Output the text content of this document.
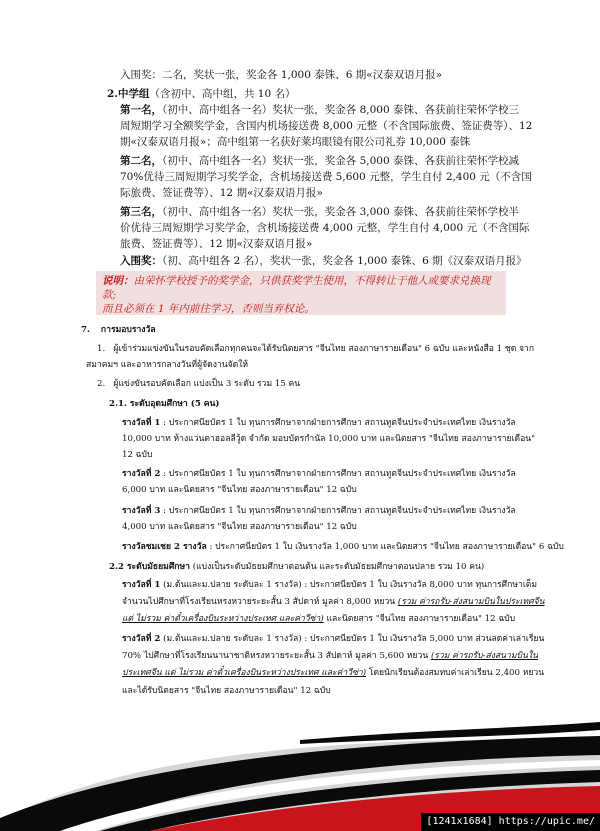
入围奖：二名，奖状一张，奖金各 1,000 泰铢、6 期«汉泰双语月报»
2.中学组（含初中、高中组，共 10 名）
第一名，（初中、高中组各一名）奖状一张，奖金各 8,000 泰铢、各获前往荣怀学校三
周短期学习全额奖学金，含国内机场接送费 8,000 元整（不含国际旅费、签证费等）、12
期«汉泰双语月报»；高中组第一名获好莱坞眼镜有限公司礼券 10,000 泰铢
第二名，（初中、高中组各一名）奖状一张，奖金各 5,000 泰铢、各获前往荣怀学校减
70%优待三周短期学习奖学金，含机场接送费 5,600 元整，学生自付 2,400 元（不含国
际旅费、签证费等）、12 期«汉泰双语月报»
第三名，（初中、高中组各一名）奖状一张，奖金各 3,000 泰铢、各获前往荣怀学校半
价优待三周短期学习奖学金，含机场接送费 4,000 元整，学生自付 4,000 元（不含国际
旅费、签证费等）、12 期«汉泰双语月报»
入围奖：（初、高中组各 2 名），奖状一张，奖金各 1,000 泰铢、6 期《汉泰双语月报》
说明：由荣怀学校授予的奖学金，只供获奖学生使用，不得转让于他人或要求兑换现款;
而且必须在 1 年内前往学习，否则当弃权论。
7. การมอบรางวัล
1. ผู้เข้าร่วมแข่งขันในรอบคัดเลือกทุกคนจะได้รับนิตยสาร "จีนไทย สองภาษารายเดือน" 6 ฉบับ และหนังสือ 1 ชุด จาก
สมาคมฯ และอาหารกลางวันที่ผู้จัดงานจัดให้
2. ผู้แข่งขันรอบคัดเลือก แบ่งเป็น 3 ระดับ รวม 15 คน
2.1. ระดับอุดมศึกษา (5 คน)
รางวัลที่ 1 : ประกาศนียบัตร 1 ใบ ทุนการศึกษาจากฝ่ายการศึกษา สถานทูตจีนประจำประเทศไทย เงินรางวัล
10,000 บาท ห้างแว่นตาฮอลลีวู้ด จำกัด มอบบัตรกำนัล 10,000 บาท และนิตยสาร "จีนไทย สองภาษารายเดือน"
12 ฉบับ
รางวัลที่ 2 : ประกาศนียบัตร 1 ใบ ทุนการศึกษาจากฝ่ายการศึกษา สถานทูตจีนประจำประเทศไทย เงินรางวัล
6,000 บาท และนิตยสาร "จีนไทย สองภาษารายเดือน" 12 ฉบับ
รางวัลที่ 3 : ประกาศนียบัตร 1 ใบ ทุนการศึกษาจากฝ่ายการศึกษา สถานทูตจีนประจำประเทศไทย เงินรางวัล
4,000 บาท และนิตยสาร "จีนไทย สองภาษารายเดือน" 12 ฉบับ
รางวัลชมเชย 2 รางวัล : ประกาศนียบัตร 1 ใบ เงินรางวัล 1,000 บาท และนิตยสาร "จีนไทย สองภาษารายเดือน" 6 ฉบับ
2.2 ระดับมัธยมศึกษา (แบ่งเป็นระดับมัธยมศึกษาตอนต้น และระดับมัธยมศึกษาตอนปลาย รวม 10 คน)
รางวัลที่ 1 (ม.ต้นและม.ปลาย ระดับละ 1 รางวัล) : ประกาศนียบัตร 1 ใบ เงินรางวัล 8,000 บาท ทุนการศึกษาเต็ม
จำนวนไปศึกษาที่โรงเรียนหรงหวายระยะสั้น 3 สัปดาห์ มูลค่า 8,000 หยวน (รวม ค่ารถรับ-ส่งสนามบินในประเทศจีน
แต่ ไม่รวม ค่าตั๋วเครื่องบินระหว่างประเทศ และค่าวีซ่า) และนิตยสาร "จีนไทย สองภาษารายเดือน" 12 ฉบับ
รางวัลที่ 2 (ม.ต้นและม.ปลาย ระดับละ 1 รางวัล) : ประกาศนียบัตร 1 ใบ เงินรางวัล 5,000 บาท ส่วนลดค่าเล่าเรียน
70% ไปศึกษาที่โรงเรียนนานาชาติหรงหวายระยะสั้น 3 สัปดาห์ มูลค่า 5,600 หยวน (รวม ค่ารถรับ-ส่งสนามบินใน
ประเทศจีน แต่ ไม่รวม ค่าตั๋วเครื่องบินระหว่างประเทศ และค่าวีซ่า) โดยนักเรียนต้องสมทบค่าเล่าเรียน 2,400 หยวน
และได้รับนิตยสาร "จีนไทย สองภาษารายเดือน" 12 ฉบับ
[1241x1684] https://upic.me/
